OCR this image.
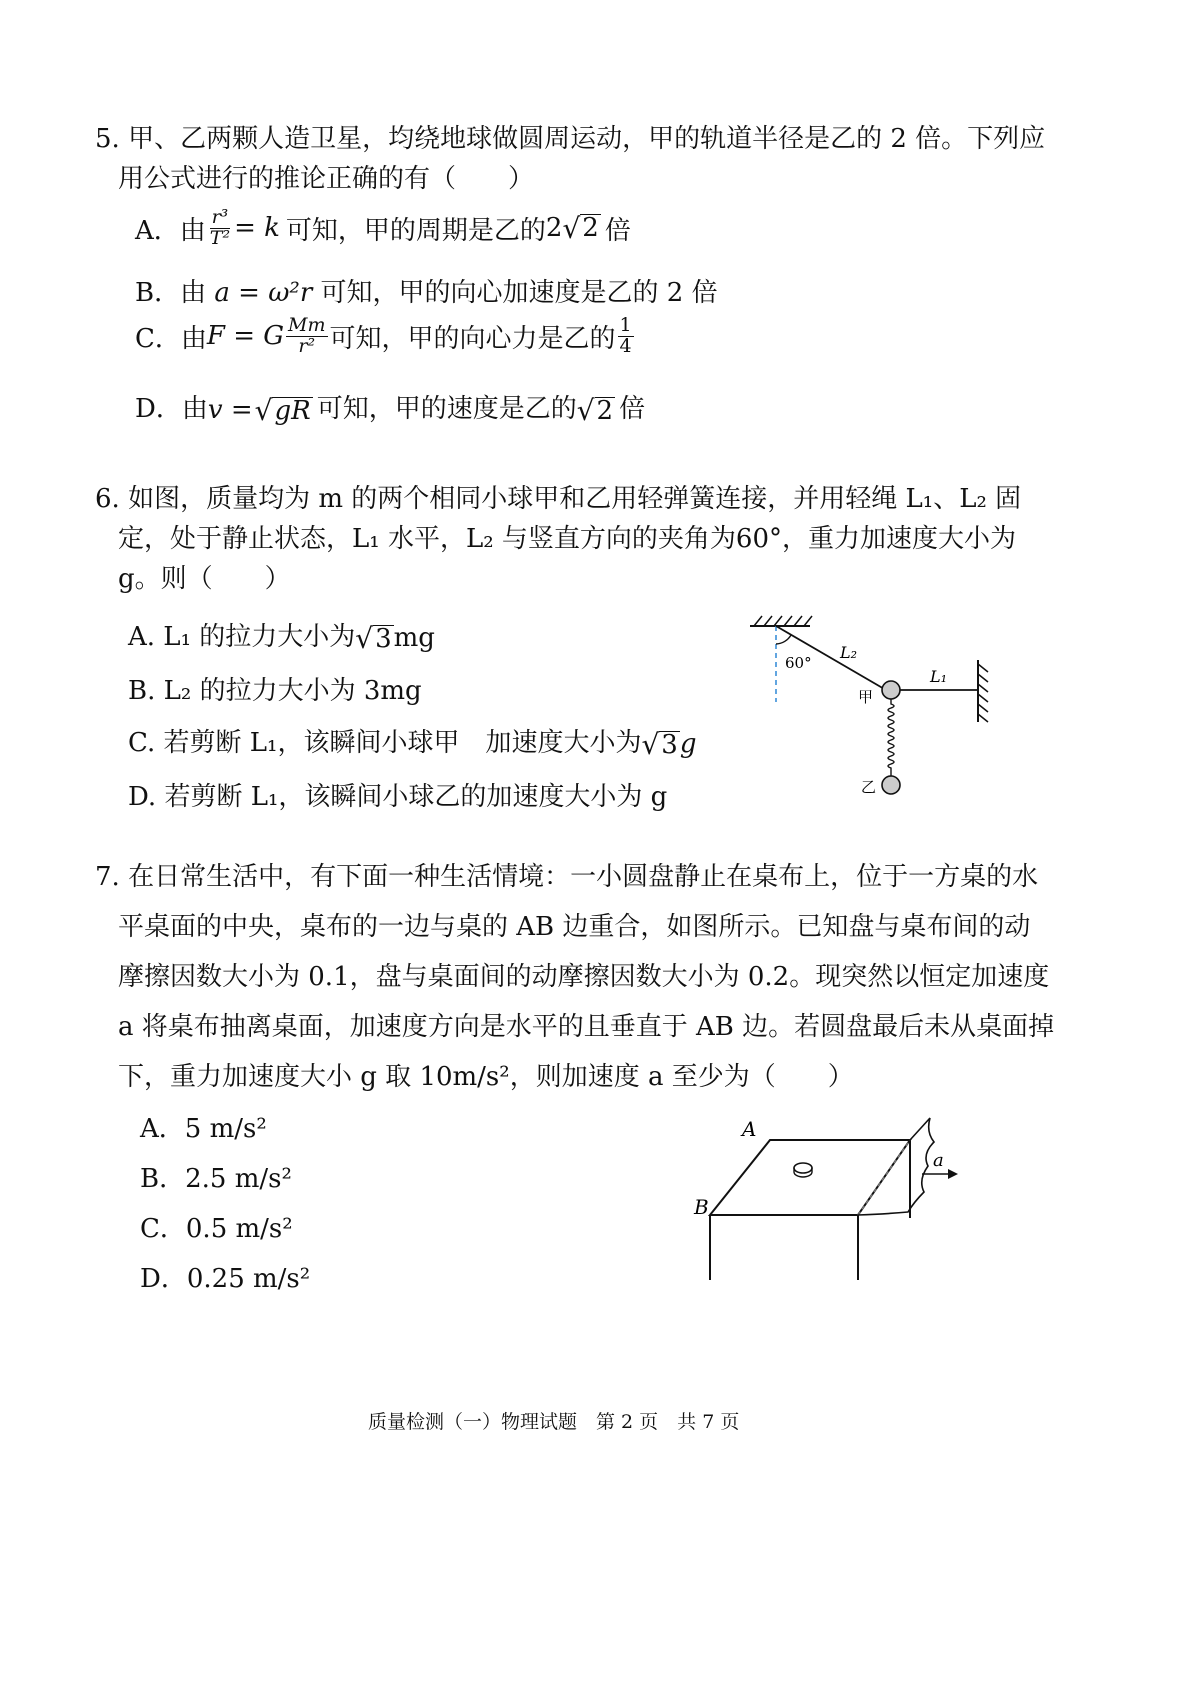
5. 甲、乙两颗人造卫星，均绕地球做圆周运动，甲的轨道半径是乙的 2 倍。下列应
用公式进行的推论正确的有（　　）
A．由 $\frac{\text{r³}}{\text{T²}} = k$ 可知，甲的周期是乙的 2 √ 2 倍
B．由 a = ω²r 可知，甲的向心加速度是乙的 2 倍
C．由 F = G $\frac{Mm}{\text{r²}}$ 可知，甲的向心力是乙的 $\frac{1}{4}$
D．由 v = √ gR 可知，甲的速度是乙的 √ 2 倍
6. 如图，质量均为 m 的两个相同小球甲和乙用轻弹簧连接，并用轻绳 L₁、L₂ 固
定，处于静止状态，L₁ 水平，L₂ 与竖直方向的夹角为60°，重力加速度大小为
g。则（　　）
A. L₁ 的拉力大小为 √ 3 mg
B. L₂ 的拉力大小为 3mg
C. 若剪断 L₁，该瞬间小球甲　加速度大小为 √ 3 g
D. 若剪断 L₁，该瞬间小球乙的加速度大小为 g
60°
L₂
L₁
甲
乙
7. 在日常生活中，有下面一种生活情境：一小圆盘静止在桌布上，位于一方桌的水
平桌面的中央，桌布的一边与桌的 AB 边重合，如图所示。已知盘与桌布间的动
摩擦因数大小为 0.1，盘与桌面间的动摩擦因数大小为 0.2。现突然以恒定加速度
a 将桌布抽离桌面，加速度方向是水平的且垂直于 AB 边。若圆盘最后未从桌面掉
下，重力加速度大小 g 取 10m/s²，则加速度 a 至少为（　　）
A．5 m/s²
B．2.5 m/s²
C．0.5 m/s²
D．0.25 m/s²
A
B
a
质量检测（一）物理试题　第 2 页　共 7 页
